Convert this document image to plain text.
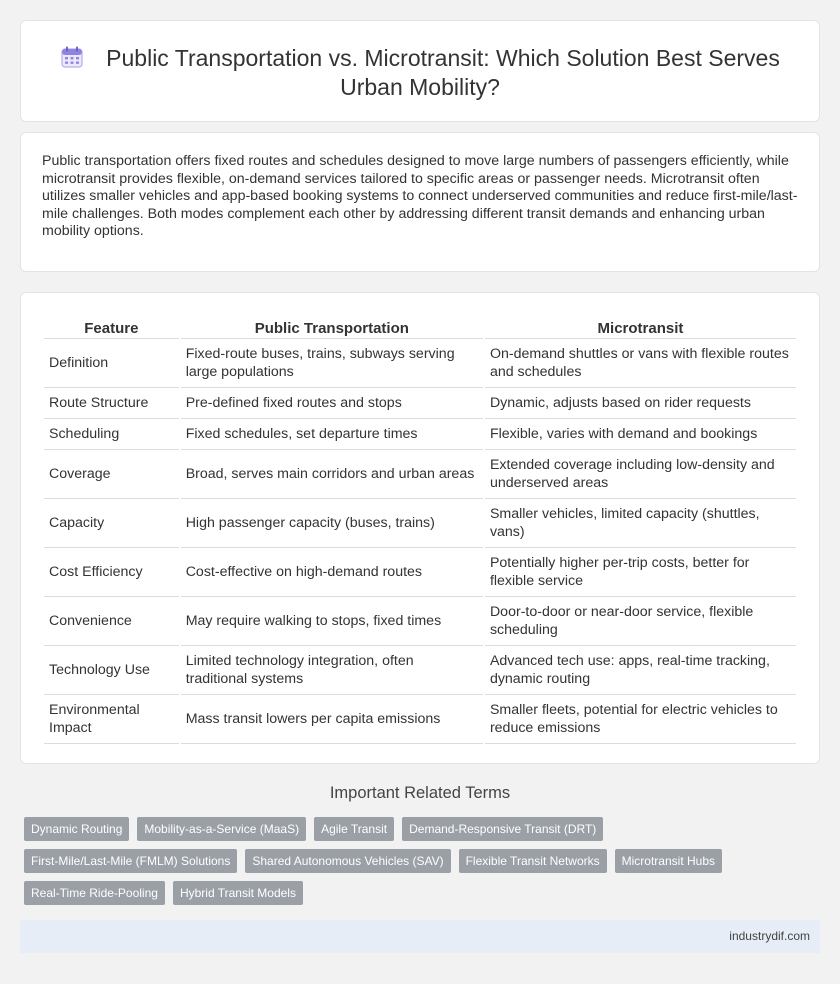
Public Transportation vs. Microtransit: Which Solution Best Serves Urban Mobility?

Public transportation offers fixed routes and schedules designed to move large numbers of passengers efficiently, while microtransit provides flexible, on-demand services tailored to specific areas or passenger needs. Microtransit often utilizes smaller vehicles and app-based booking systems to connect underserved communities and reduce first-mile/last-mile challenges. Both modes complement each other by addressing different transit demands and enhancing urban mobility options.

Feature	Public Transportation	Microtransit
Definition	Fixed-route buses, trains, subways serving large populations	On-demand shuttles or vans with flexible routes and schedules
Route Structure	Pre-defined fixed routes and stops	Dynamic, adjusts based on rider requests
Scheduling	Fixed schedules, set departure times	Flexible, varies with demand and bookings
Coverage	Broad, serves main corridors and urban areas	Extended coverage including low-density and underserved areas
Capacity	High passenger capacity (buses, trains)	Smaller vehicles, limited capacity (shuttles, vans)
Cost Efficiency	Cost-effective on high-demand routes	Potentially higher per-trip costs, better for flexible service
Convenience	May require walking to stops, fixed times	Door-to-door or near-door service, flexible scheduling
Technology Use	Limited technology integration, often traditional systems	Advanced tech use: apps, real-time tracking, dynamic routing
Environmental Impact	Mass transit lowers per capita emissions	Smaller fleets, potential for electric vehicles to reduce emissions
Important Related Terms
Dynamic Routing	Mobility-as-a-Service (MaaS)	Agile Transit	Demand-Responsive Transit (DRT)
First-Mile/Last-Mile (FMLM) Solutions	Shared Autonomous Vehicles (SAV)	Flexible Transit Networks	Microtransit Hubs
Real-Time Ride-Pooling	Hybrid Transit Models
industrydif.com
